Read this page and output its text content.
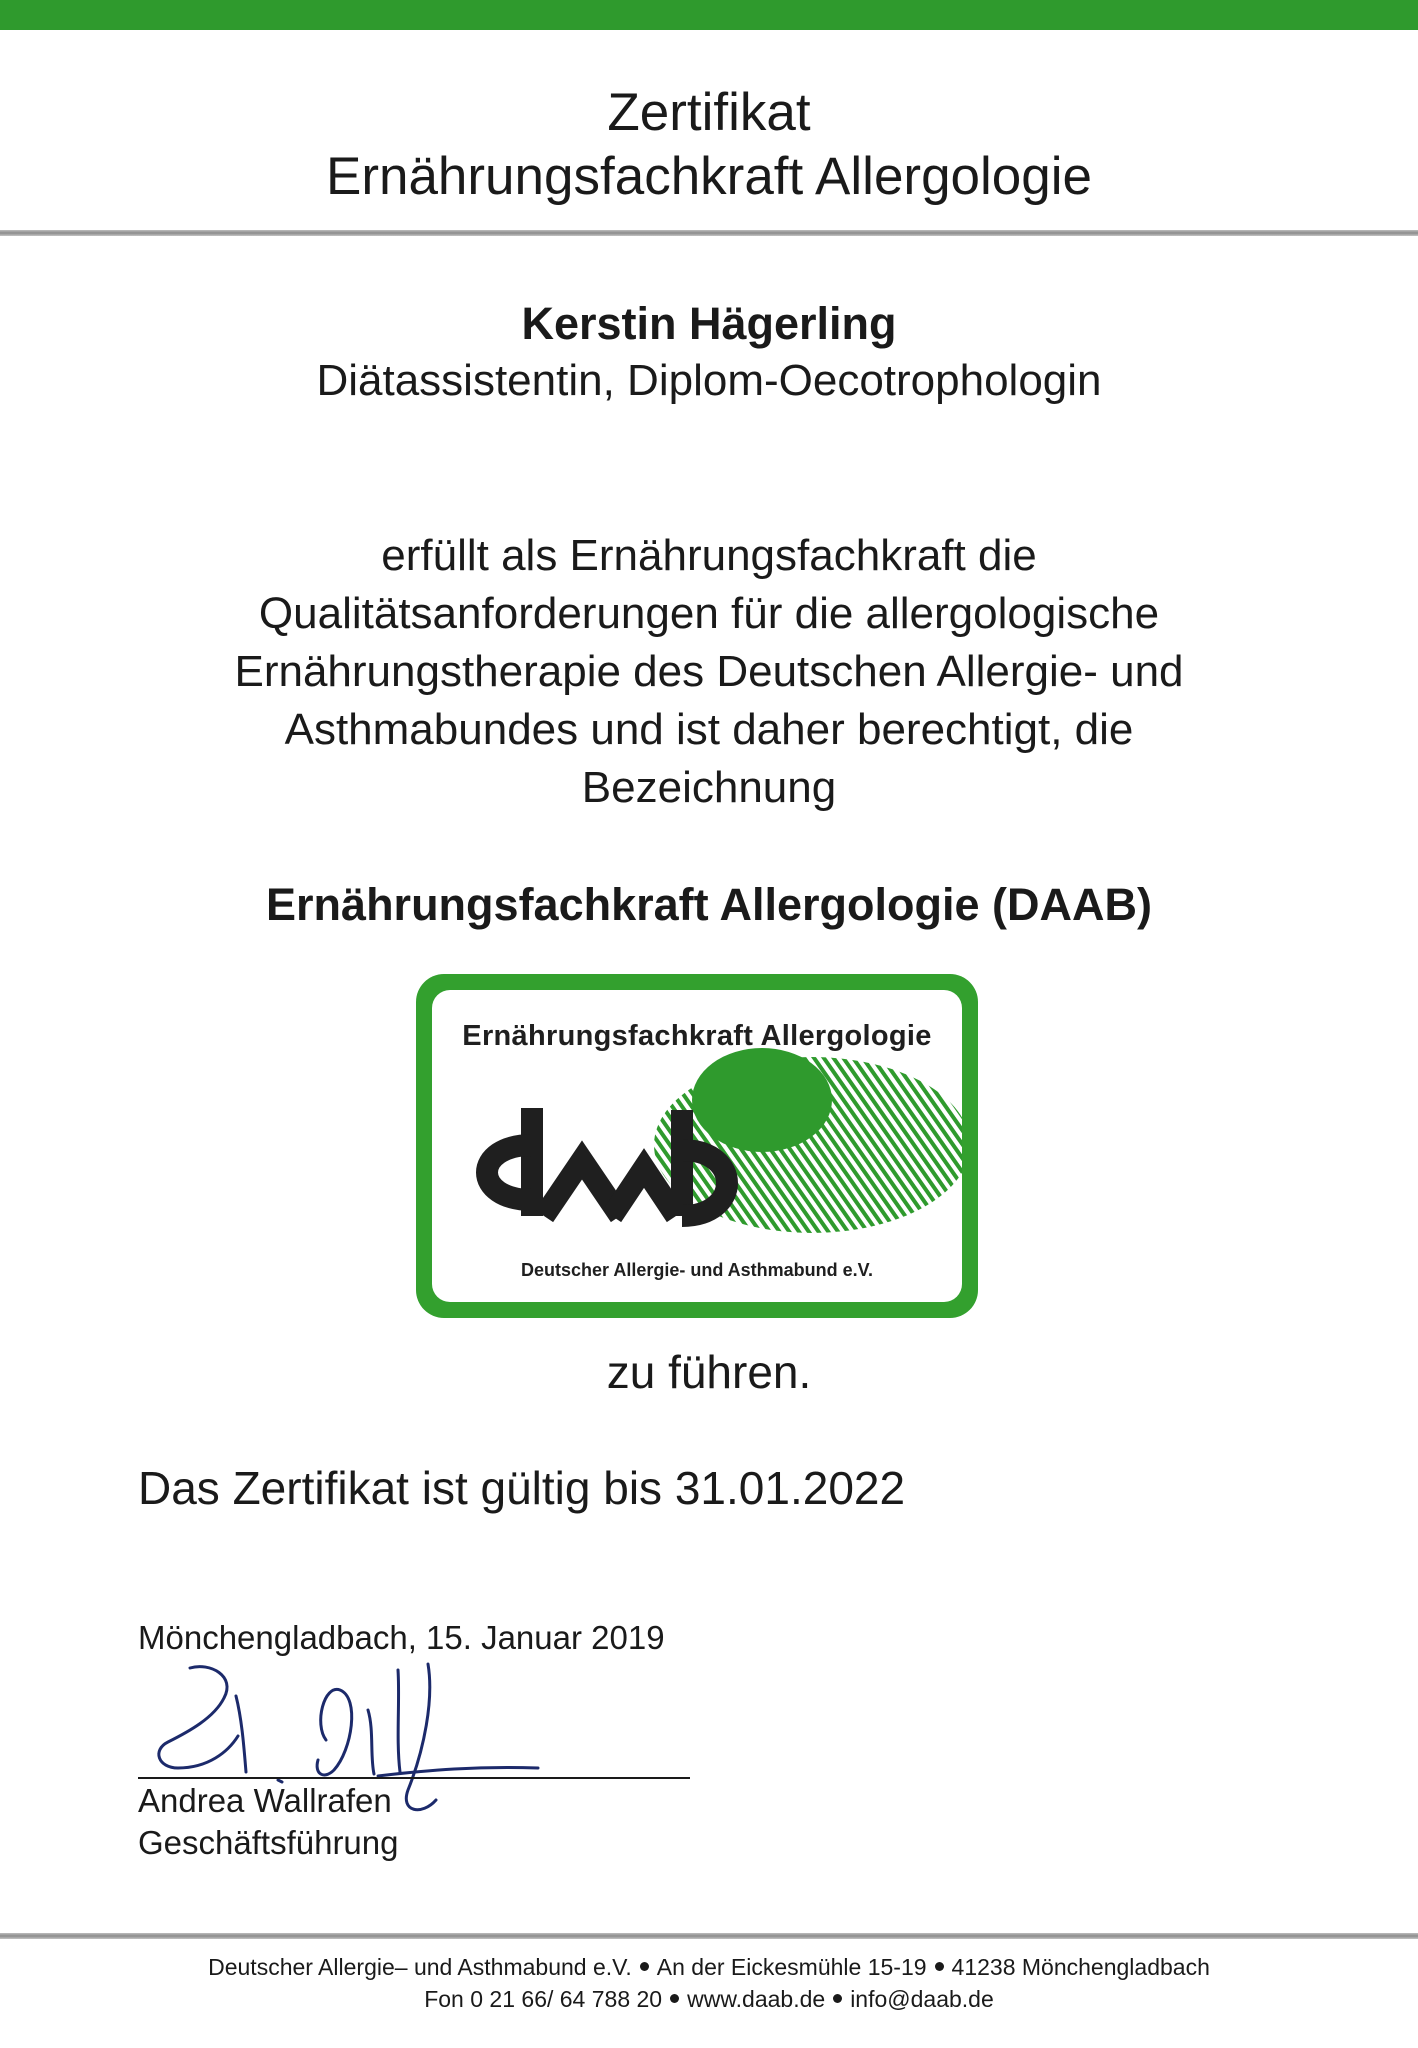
Zertifikat
Ernährungsfachkraft Allergologie
Kerstin Hägerling
Diätassistentin, Diplom-Oecotrophologin
erfüllt als Ernährungsfachkraft die
Qualitätsanforderungen für die allergologische
Ernährungstherapie des Deutschen Allergie- und
Asthmabundes und ist daher berechtigt, die
Bezeichnung
Ernährungsfachkraft Allergologie (DAAB)
Ernährungsfachkraft Allergologie
Deutscher Allergie- und Asthmabund e.V.
zu führen.
Das Zertifikat ist gültig bis 31.01.2022
Mönchengladbach, 15. Januar 2019
Andrea Wallrafen
Geschäftsführung
Deutscher Allergie– und Asthmabund e.V. An der Eickesmühle 15-19 41238 Mönchengladbach
Fon 0 21 66/ 64 788 20 www.daab.de info@daab.de
